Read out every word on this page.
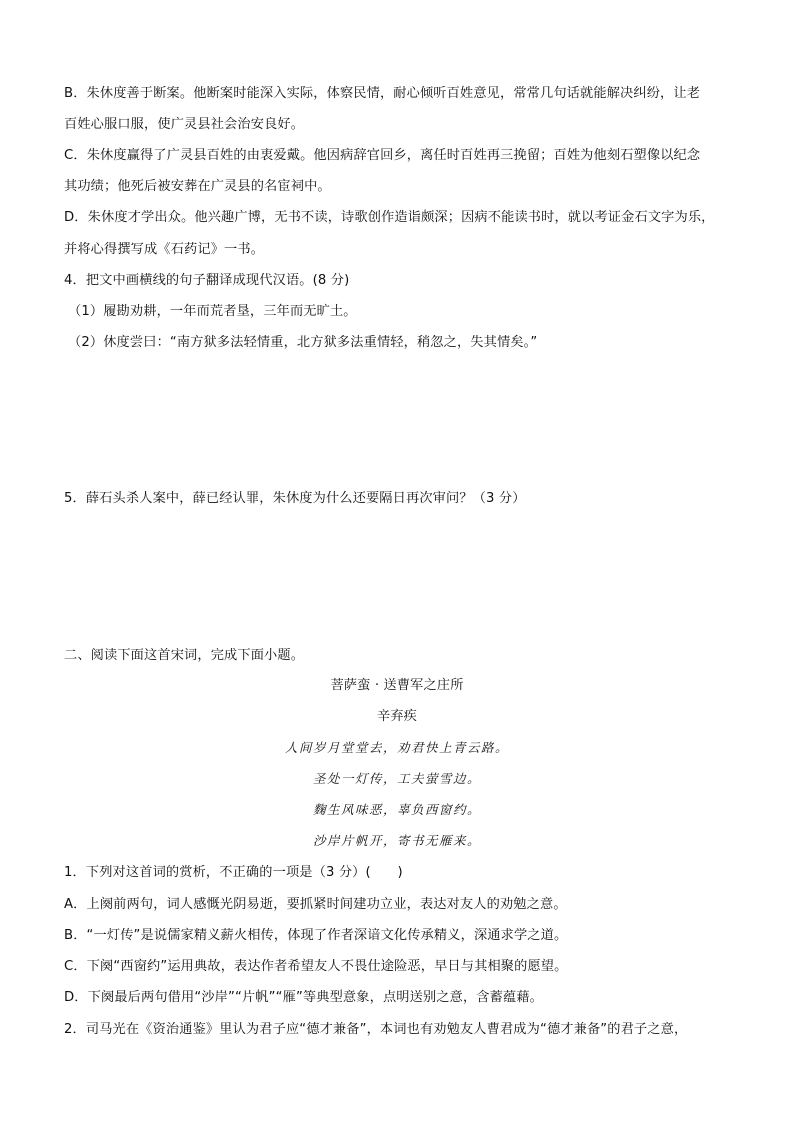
B．朱休度善于断案。他断案时能深入实际，体察民情，耐心倾听百姓意见，常常几句话就能解决纠纷，让老
百姓心服口服，使广灵县社会治安良好。
C．朱休度赢得了广灵县百姓的由衷爱戴。他因病辞官回乡，离任时百姓再三挽留；百姓为他刻石塑像以纪念
其功绩；他死后被安葬在广灵县的名宦祠中。
D．朱休度才学出众。他兴趣广博，无书不读，诗歌创作造诣颇深；因病不能读书时，就以考证金石文字为乐，
并将心得撰写成《石药记》一书。
4．把文中画横线的句子翻译成现代汉语。(8 分)
（1）履勘劝耕，一年而荒者垦，三年而无旷土。
（2）休度尝曰：“南方狱多法轻情重，北方狱多法重情轻，稍忽之，失其情矣。”
5．薛石头杀人案中，薛已经认罪，朱休度为什么还要隔日再次审问？（3 分）
二、阅读下面这首宋词，完成下面小题。
菩萨蛮 · 送曹军之庄所
辛弃疾
人间岁月堂堂去，劝君快上青云路。
圣处一灯传，工夫萤雪边。
麴生风味恶，辜负西窗约。
沙岸片帆开，寄书无雁来。
1．下列对这首词的赏析，不正确的一项是（3 分）(　　)
A．上阕前两句，词人感慨光阴易逝，要抓紧时间建功立业，表达对友人的劝勉之意。
B．“一灯传”是说儒家精义薪火相传，体现了作者深谙文化传承精义，深通求学之道。
C．下阕“西窗约”运用典故，表达作者希望友人不畏仕途险恶，早日与其相聚的愿望。
D．下阕最后两句借用“沙岸”“片帆”“雁”等典型意象，点明送别之意，含蓄蕴藉。
2．司马光在《资治通鉴》里认为君子应“德才兼备”，本词也有劝勉友人曹君成为“德才兼备”的君子之意，
